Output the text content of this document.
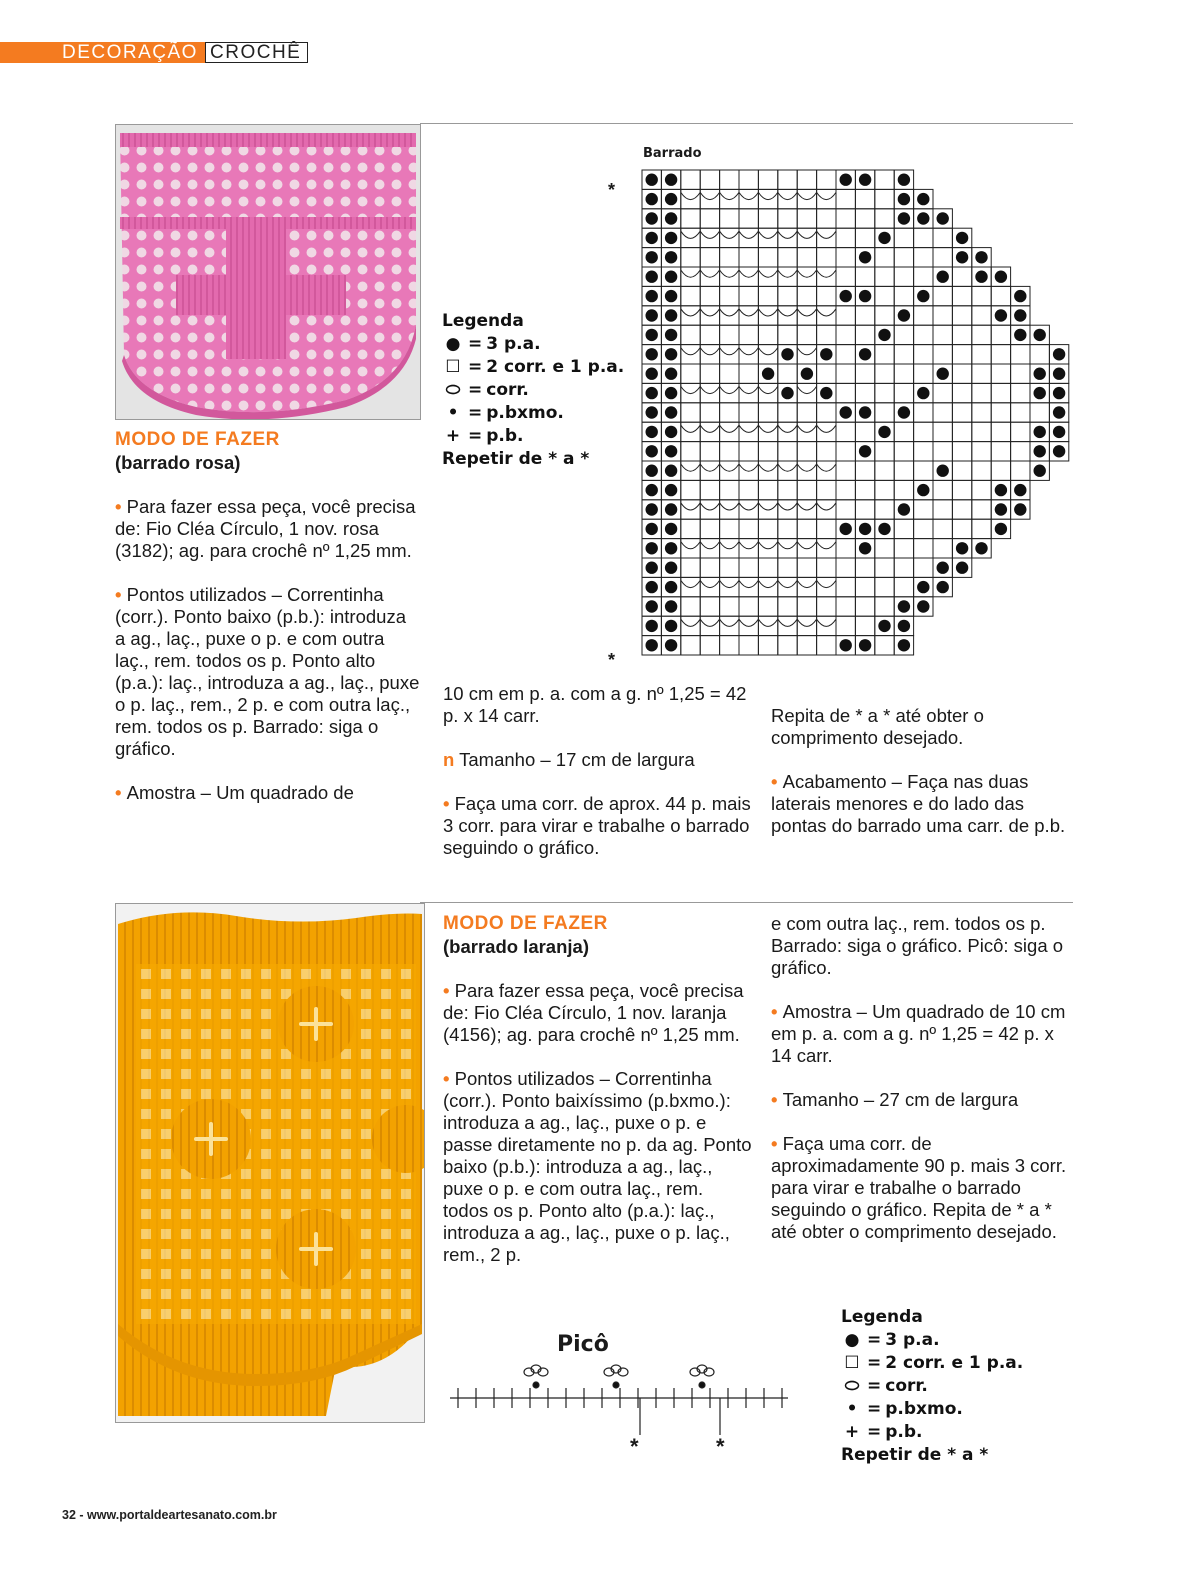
DECORAÇÃO CROCHÊ
MODO DE FAZER
(barrado rosa)

• Para fazer essa peça, você precisa de: Fio Cléa Círculo, 1 nov. rosa (3182); ag. para crochê nº 1,25 mm.

• Pontos utilizados – Correntinha (corr.). Ponto baixo (p.b.): introduza a ag., laç., puxe o p. e com outra laç., rem. todos os p. Ponto alto (p.a.): laç., introduza a ag., laç., puxe o p. laç., rem., 2 p. e com outra laç., rem. todos os p. Barrado: siga o gráfico.

• Amostra – Um quadrado de

Legenda
● = 3 p.a.
☐ = 2 corr. e 1 p.a.
⬭ = corr.
• = p.bxmo.
+ = p.b.
Repetir de * a *
Barrado
*
*

10 cm em p. a. com a g. nº 1,25 = 42 p. x 14 carr.

n Tamanho – 17 cm de largura

• Faça uma corr. de aprox. 44 p. mais 3 corr. para virar e trabalhe o barrado seguindo o gráfico.

Repita de * a * até obter o comprimento desejado.

• Acabamento – Faça nas duas laterais menores e do lado das pontas do barrado uma carr. de p.b.

MODO DE FAZER
(barrado laranja)

• Para fazer essa peça, você precisa de: Fio Cléa Círculo, 1 nov. laranja (4156); ag. para crochê nº 1,25 mm.

• Pontos utilizados – Correntinha (corr.). Ponto baixíssimo (p.bxmo.): introduza a ag., laç., puxe o p. e passe diretamente no p. da ag. Ponto baixo (p.b.): introduza a ag., laç., puxe o p. e com outra laç., rem. todos os p. Ponto alto (p.a.): laç., introduza a ag., laç., puxe o p. laç., rem., 2 p.

e com outra laç., rem. todos os p. Barrado: siga o gráfico. Picô: siga o gráfico.

• Amostra – Um quadrado de 10 cm em p. a. com a g. nº 1,25 = 42 p. x 14 carr.

• Tamanho – 27 cm de largura

• Faça uma corr. de aproximadamente 90 p. mais 3 corr. para virar e trabalhe o barrado seguindo o gráfico. Repita de * a * até obter o comprimento desejado.

Picô
*	*
Legenda
● = 3 p.a.
☐ = 2 corr. e 1 p.a.
⬭ = corr.
• = p.bxmo.
+ = p.b.
Repetir de * a *
32 - www.portaldeartesanato.com.br
